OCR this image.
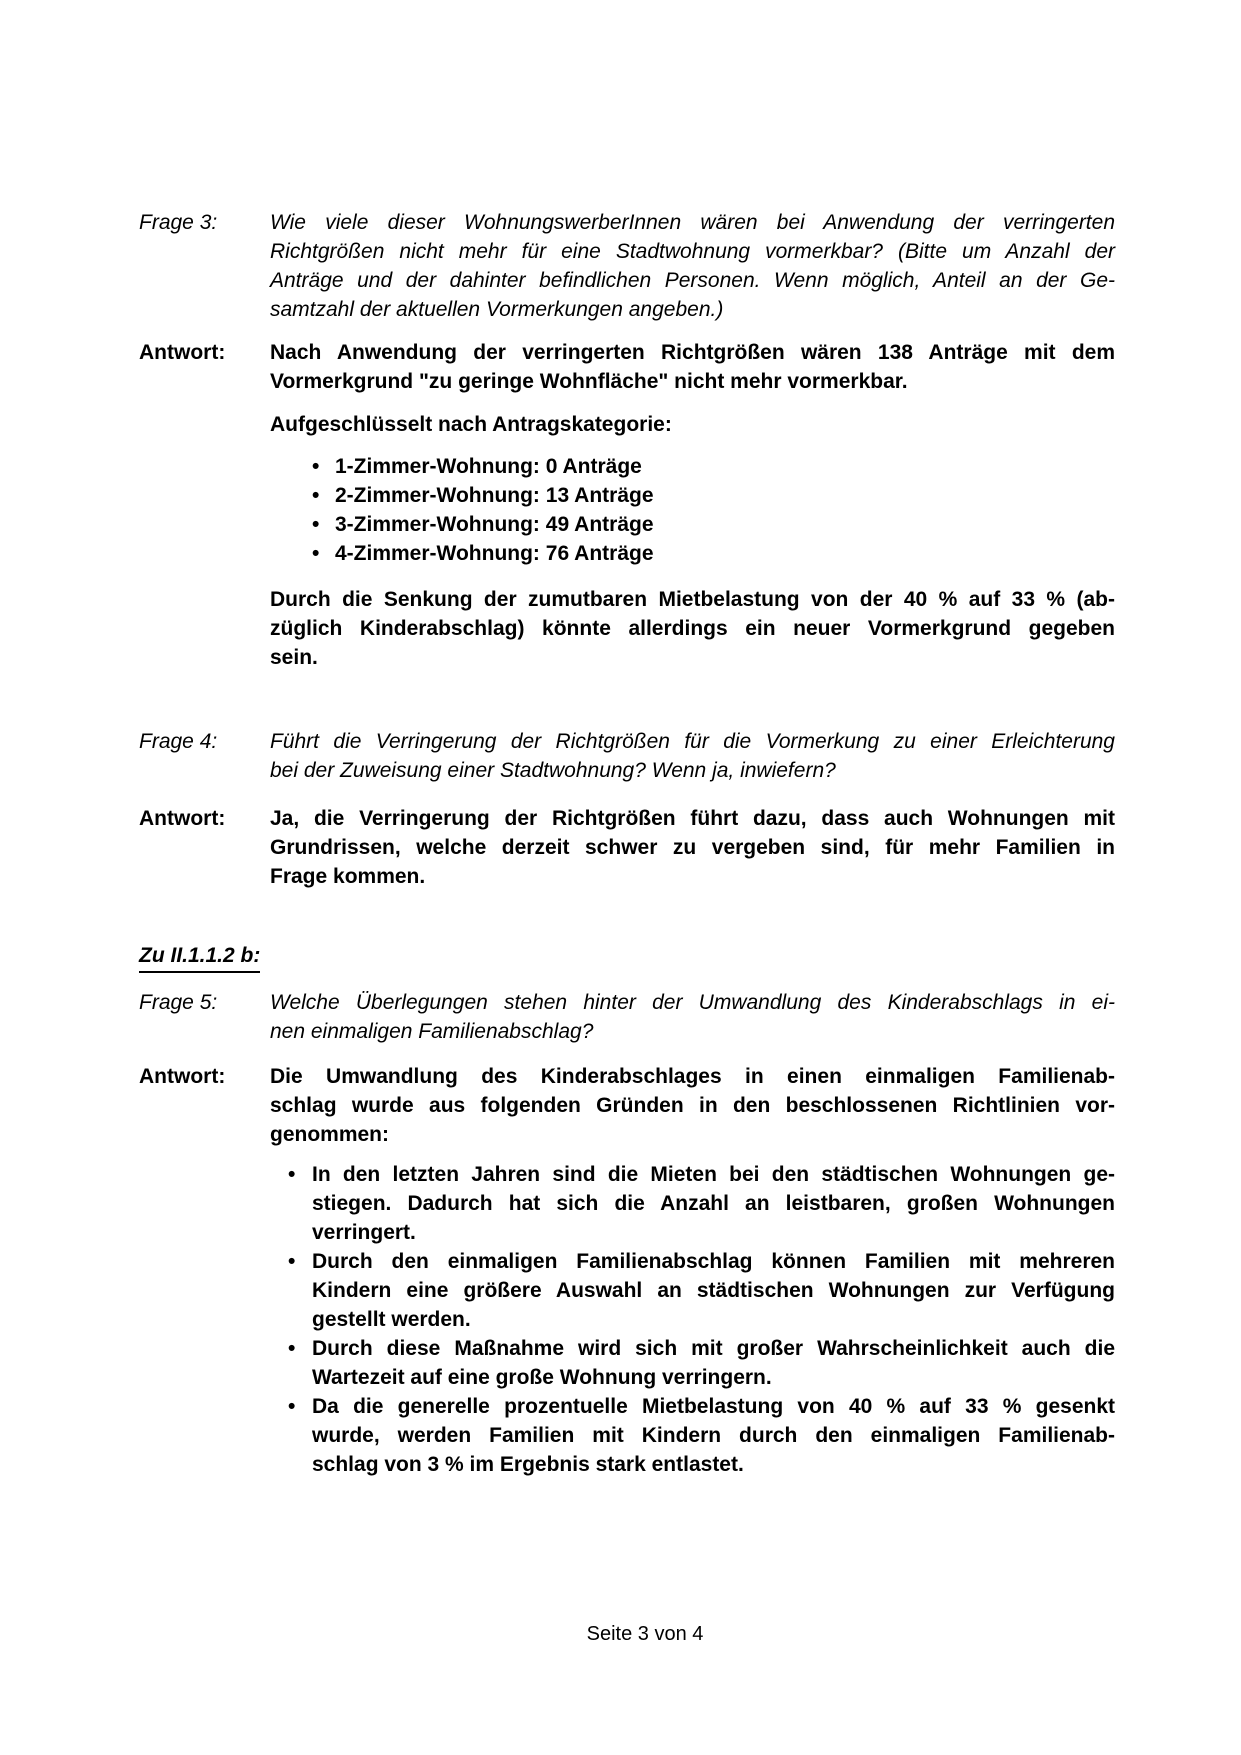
Frage 3:	Wie viele dieser WohnungswerberInnen wären bei Anwendung der verringerten
Richtgrößen nicht mehr für eine Stadtwohnung vormerkbar? (Bitte um Anzahl der
Anträge und der dahinter befindlichen Personen. Wenn möglich, Anteil an der Ge-
samtzahl der aktuellen Vormerkungen angeben.)
Antwort:	Nach Anwendung der verringerten Richtgrößen wären 138 Anträge mit dem
Vormerkgrund "zu geringe Wohnfläche" nicht mehr vormerkbar.
Aufgeschlüsselt nach Antragskategorie:
• 1-Zimmer-Wohnung: 0 Anträge
• 2-Zimmer-Wohnung: 13 Anträge
• 3-Zimmer-Wohnung: 49 Anträge
• 4-Zimmer-Wohnung: 76 Anträge
Durch die Senkung der zumutbaren Mietbelastung von der 40 % auf 33 % (ab-
züglich Kinderabschlag) könnte allerdings ein neuer Vormerkgrund gegeben
sein.
Frage 4:	Führt die Verringerung der Richtgrößen für die Vormerkung zu einer Erleichterung
bei der Zuweisung einer Stadtwohnung? Wenn ja, inwiefern?
Antwort:	Ja, die Verringerung der Richtgrößen führt dazu, dass auch Wohnungen mit
Grundrissen, welche derzeit schwer zu vergeben sind, für mehr Familien in
Frage kommen.
Zu II.1.1.2 b:
Frage 5:	Welche Überlegungen stehen hinter der Umwandlung des Kinderabschlags in ei-
nen einmaligen Familienabschlag?
Antwort:	Die Umwandlung des Kinderabschlages in einen einmaligen Familienab-
schlag wurde aus folgenden Gründen in den beschlossenen Richtlinien vor-
genommen:
• In den letzten Jahren sind die Mieten bei den städtischen Wohnungen ge-
stiegen. Dadurch hat sich die Anzahl an leistbaren, großen Wohnungen
verringert.
• Durch den einmaligen Familienabschlag können Familien mit mehreren
Kindern eine größere Auswahl an städtischen Wohnungen zur Verfügung
gestellt werden.
• Durch diese Maßnahme wird sich mit großer Wahrscheinlichkeit auch die
Wartezeit auf eine große Wohnung verringern.
• Da die generelle prozentuelle Mietbelastung von 40 % auf 33 % gesenkt
wurde, werden Familien mit Kindern durch den einmaligen Familienab-
schlag von 3 % im Ergebnis stark entlastet.
Seite 3 von 4
